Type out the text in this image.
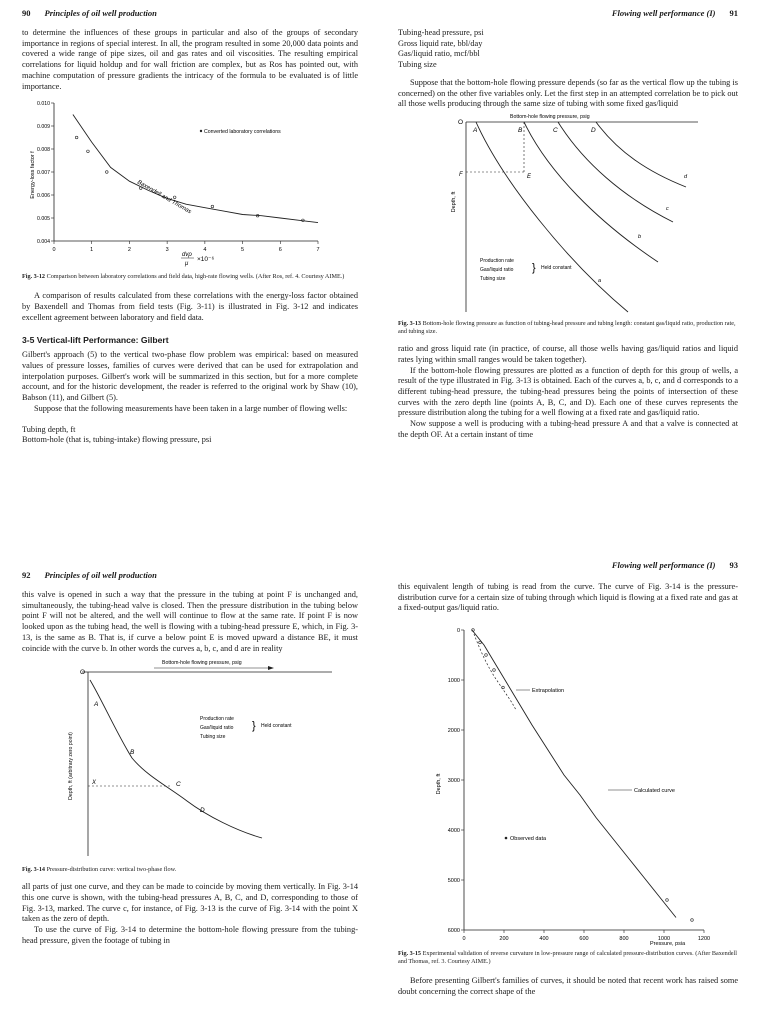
90 Principles of oil well production

to determine the influences of these groups in particular and also of the groups of secondary importance in regions of special interest. In all, the program resulted in some 20,000 data points and covered a wide range of pipe sizes, oil and gas rates and oil viscosities. The resulting empirical correlations for liquid holdup and for wall friction are complex, but as Ros has pointed out, with machine computation of pressure gradients the intricacy of the formula to be evaluated is of little importance.

0.010
0.009
0.008
0.007
0.006
0.005
0.004
0	1	2	3	4	5	6	7
Energy-loss factor f
Converted laboratory correlations
Baxendell and Thomas
dvρ
μ
×10⁻⁶

Fig. 3-12 Comparison between laboratory correlations and field data, high-rate flowing wells. (After Ros, ref. 4. Courtesy AIME.)

A comparison of results calculated from these correlations with the energy-loss factor obtained by Baxendell and Thomas from field tests (Fig. 3-11) is illustrated in Fig. 3-12 and indicates excellent agreement between laboratory and field data.

3-5 Vertical-lift Performance: Gilbert

Gilbert's approach (5) to the vertical two-phase flow problem was empirical: based on measured values of pressure losses, families of curves were derived that can be used for extrapolation and interpolation purposes. Gilbert's work will be summarized in this section, but for a more complete account, and for the historic development, the reader is referred to the original work by Shaw (10), Babson (11), and Gilbert (5).

Suppose that the following measurements have been taken in a large number of flowing wells:

Tubing depth, ft

Bottom-hole (that is, tubing-intake) flowing pressure, psi

Flowing well performance (I) 91

Tubing-head pressure, psi

Gross liquid rate, bbl/day

Gas/liquid ratio, mcf/bbl

Tubing size

Suppose that the bottom-hole flowing pressure depends (so far as the vertical flow up the tubing is concerned) on the other five variables only. Let the first step in an attempted correlation be to pick out all those wells producing through the same size of tubing with some fixed gas/liquid

Bottom-hole flowing pressure, psig
O
Depth, ft
A	B	C	D
E
F
a
b
c
d
Production rate
Gas/liquid ratio
Tubing size
} Held constant

Fig. 3-13 Bottom-hole flowing pressure as function of tubing-head pressure and tubing length: constant gas/liquid ratio, production rate, and tubing size.

ratio and gross liquid rate (in practice, of course, all those wells having gas/liquid ratios and liquid rates lying within small ranges would be taken together).

If the bottom-hole flowing pressures are plotted as a function of depth for this group of wells, a result of the type illustrated in Fig. 3-13 is obtained. Each of the curves a, b, c, and d corresponds to a different tubing-head pressure, the tubing-head pressures being the points of intersection of these curves with the zero depth line (points A, B, C, and D). Each one of these curves represents the pressure distribution along the tubing for a well flowing at a fixed rate and gas/liquid ratio.

Now suppose a well is producing with a tubing-head pressure A and that a valve is connected at the depth OF. At a certain instant of time

92 Principles of oil well production

this valve is opened in such a way that the pressure in the tubing at point F is unchanged and, simultaneously, the tubing-head valve is closed. Then the pressure distribution in the tubing below point F will not be altered, and the well will continue to flow at the same rate. If point F is now looked upon as the tubing head, the well is flowing with a tubing-head pressure E, which, in Fig. 3-13, is the same as B. That is, if curve a below point E is moved upward a distance BE, it must coincide with the curve b. In other words the curves a, b, c, and d are in reality

Bottom-hole flowing pressure, psig
O
Depth, ft (arbitrary zero point)
A
B
C
D
X
Production rate
Gas/liquid ratio
Tubing size
} Held constant

Fig. 3-14 Pressure-distribution curve: vertical two-phase flow.

all parts of just one curve, and they can be made to coincide by moving them vertically. In Fig. 3-14 this one curve is shown, with the tubing-head pressures A, B, C, and D, corresponding to those of Fig. 3-13, marked. The curve c, for instance, of Fig. 3-13 is the curve of Fig. 3-14 with the point X taken as the zero of depth.

To use the curve of Fig. 3-14 to determine the bottom-hole flowing pressure from the tubing-head pressure, given the footage of tubing in

Flowing well performance (I) 93

this equivalent length of tubing is read from the curve. The curve of Fig. 3-14 is the pressure-distribution curve for a certain size of tubing through which liquid is flowing at a fixed rate and gas at a fixed-output gas/liquid ratio.

0
1000
2000
3000
4000
5000
6000
0	200	400	600	800	1000	1200
Extrapolation
Calculated curve
Observed data
Depth, ft
Pressure, psia

Fig. 3-15 Experimental validation of reverse curvature in low-pressure range of calculated pressure-distribution curves. (After Baxendell and Thomas, ref. 3. Courtesy AIME.)

Before presenting Gilbert's families of curves, it should be noted that recent work has raised some doubt concerning the correct shape of the
